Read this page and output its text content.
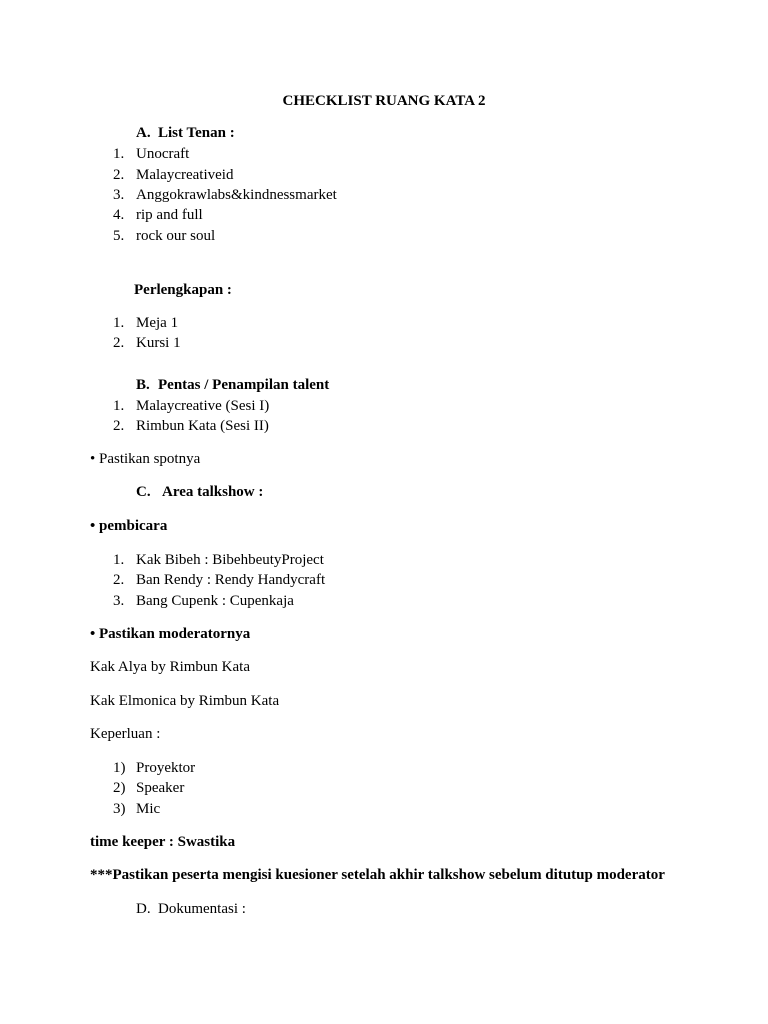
CHECKLIST RUANG KATA 2
A. List Tenan :
1. Unocraft
2. Malaycreativeid
3. Anggokrawlabs&kindnessmarket
4. rip and full
5. rock our soul
Perlengkapan :
1. Meja 1
2. Kursi 1
B. Pentas / Penampilan talent
1. Malaycreative (Sesi I)
2. Rimbun Kata (Sesi II)
• Pastikan spotnya
C. Area talkshow :
• pembicara
1. Kak Bibeh : BibehbeutyProject
2. Ban Rendy : Rendy Handycraft
3. Bang Cupenk : Cupenkaja
• Pastikan moderatornya
Kak Alya by Rimbun Kata
Kak Elmonica by Rimbun Kata
Keperluan :
1) Proyektor
2) Speaker
3) Mic
time keeper : Swastika
***Pastikan peserta mengisi kuesioner setelah akhir talkshow sebelum ditutup moderator
D. Dokumentasi :
